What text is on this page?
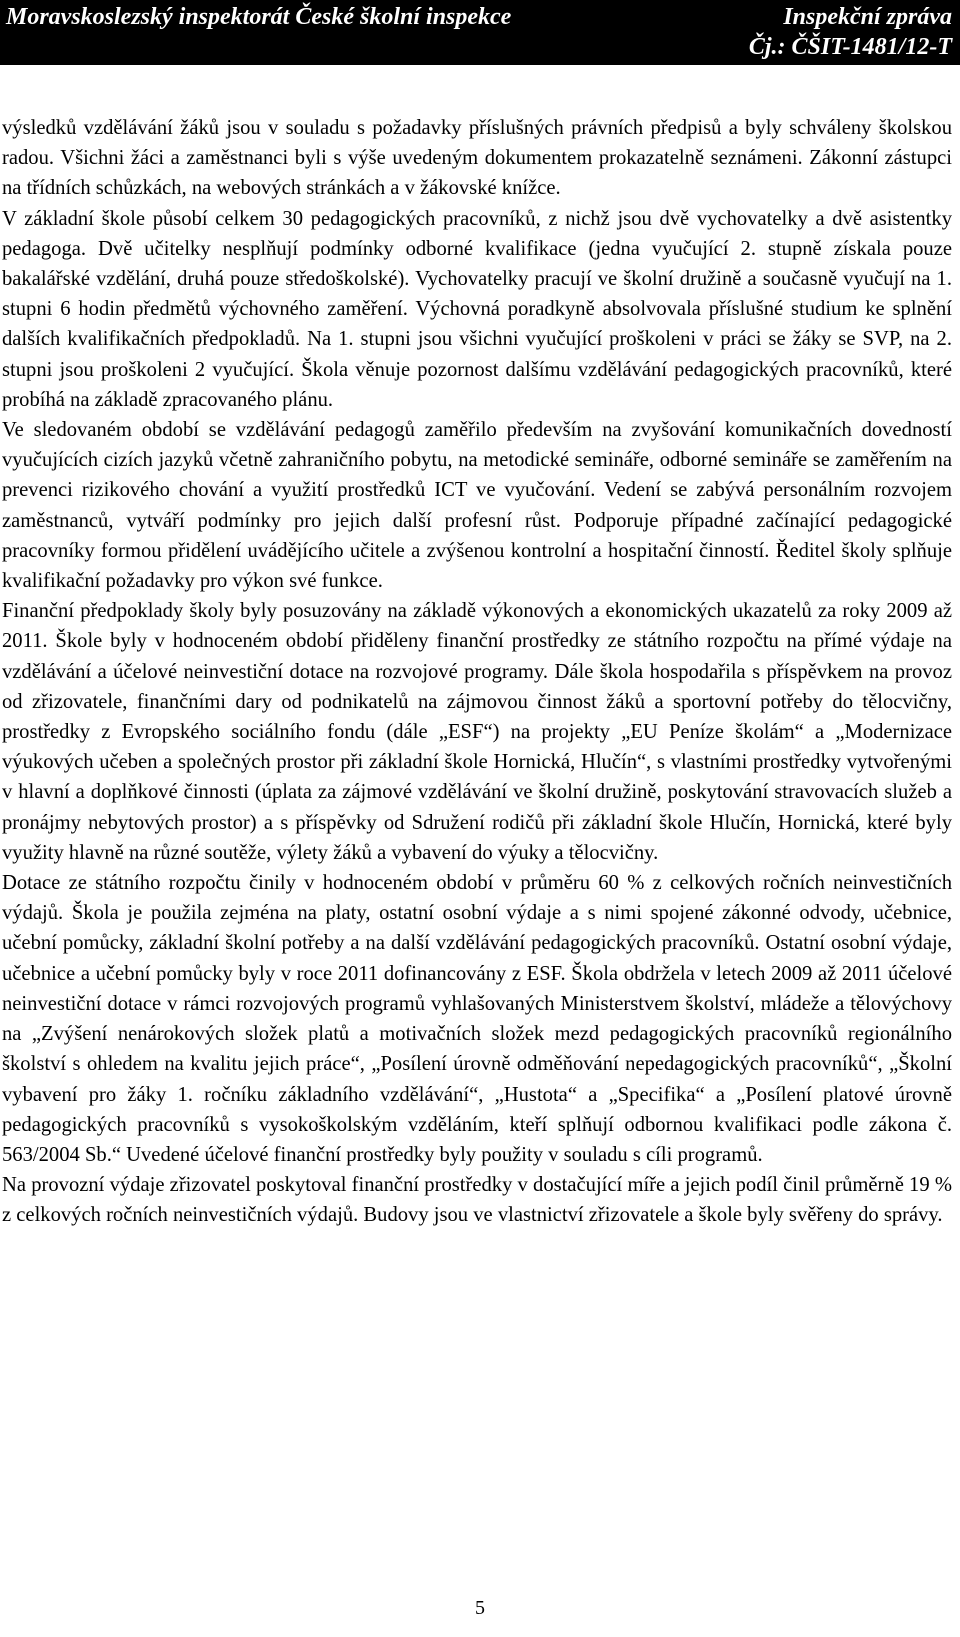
Moravskoslezský inspektorát České školní inspekce	Inspekční zpráva
Čj.: ČŠIT-1481/12-T

výsledků vzdělávání žáků jsou v souladu s požadavky příslušných právních předpisů a byly schváleny školskou radou. Všichni žáci a zaměstnanci byli s výše uvedeným dokumentem prokazatelně seznámeni. Zákonní zástupci na třídních schůzkách, na webových stránkách a v žákovské knížce.

V základní škole působí celkem 30 pedagogických pracovníků, z nichž jsou dvě vychovatelky a dvě asistentky pedagoga. Dvě učitelky nesplňují podmínky odborné kvalifikace (jedna vyučující 2. stupně získala pouze bakalářské vzdělání, druhá pouze středoškolské). Vychovatelky pracují ve školní družině a současně vyučují na 1. stupni 6 hodin předmětů výchovného zaměření. Výchovná poradkyně absolvovala příslušné studium ke splnění dalších kvalifikačních předpokladů. Na 1. stupni jsou všichni vyučující proškoleni v práci se žáky se SVP, na 2. stupni jsou proškoleni 2 vyučující. Škola věnuje pozornost dalšímu vzdělávání pedagogických pracovníků, které probíhá na základě zpracovaného plánu.

Ve sledovaném období se vzdělávání pedagogů zaměřilo především na zvyšování komunikačních dovedností vyučujících cizích jazyků včetně zahraničního pobytu, na metodické semináře, odborné semináře se zaměřením na prevenci rizikového chování a využití prostředků ICT ve vyučování. Vedení se zabývá personálním rozvojem zaměstnanců, vytváří podmínky pro jejich další profesní růst. Podporuje případné začínající pedagogické pracovníky formou přidělení uvádějícího učitele a zvýšenou kontrolní a hospitační činností. Ředitel školy splňuje kvalifikační požadavky pro výkon své funkce.

Finanční předpoklady školy byly posuzovány na základě výkonových a ekonomických ukazatelů za roky 2009 až 2011. Škole byly v hodnoceném období přiděleny finanční prostředky ze státního rozpočtu na přímé výdaje na vzdělávání a účelové neinvestiční dotace na rozvojové programy. Dále škola hospodařila s příspěvkem na provoz od zřizovatele, finančními dary od podnikatelů na zájmovou činnost žáků a sportovní potřeby do tělocvičny, prostředky z Evropského sociálního fondu (dále „ESF“) na projekty „EU Peníze školám“ a „Modernizace výukových učeben a společných prostor při základní škole Hornická, Hlučín“, s vlastními prostředky vytvořenými v hlavní a doplňkové činnosti (úplata za zájmové vzdělávání ve školní družině, poskytování stravovacích služeb a pronájmy nebytových prostor) a s příspěvky od Sdružení rodičů při základní škole Hlučín, Hornická, které byly využity hlavně na různé soutěže, výlety žáků a vybavení do výuky a tělocvičny.

Dotace ze státního rozpočtu činily v hodnoceném období v průměru 60 % z celkových ročních neinvestičních výdajů. Škola je použila zejména na platy, ostatní osobní výdaje a s nimi spojené zákonné odvody, učebnice, učební pomůcky, základní školní potřeby a na další vzdělávání pedagogických pracovníků. Ostatní osobní výdaje, učebnice a učební pomůcky byly v roce 2011 dofinancovány z ESF. Škola obdržela v letech 2009 až 2011 účelové neinvestiční dotace v rámci rozvojových programů vyhlašovaných Ministerstvem školství, mládeže a tělovýchovy na „Zvýšení nenárokových složek platů a motivačních složek mezd pedagogických pracovníků regionálního školství s ohledem na kvalitu jejich práce“, „Posílení úrovně odměňování nepedagogických pracovníků“, „Školní vybavení pro žáky 1. ročníku základního vzdělávání“, „Hustota“ a „Specifika“ a „Posílení platové úrovně pedagogických pracovníků s vysokoškolským vzděláním, kteří splňují odbornou kvalifikaci podle zákona č. 563/2004 Sb.“ Uvedené účelové finanční prostředky byly použity v souladu s cíli programů.

Na provozní výdaje zřizovatel poskytoval finanční prostředky v dostačující míře a jejich podíl činil průměrně 19 % z celkových ročních neinvestičních výdajů. Budovy jsou ve vlastnictví zřizovatele a škole byly svěřeny do správy.

5
